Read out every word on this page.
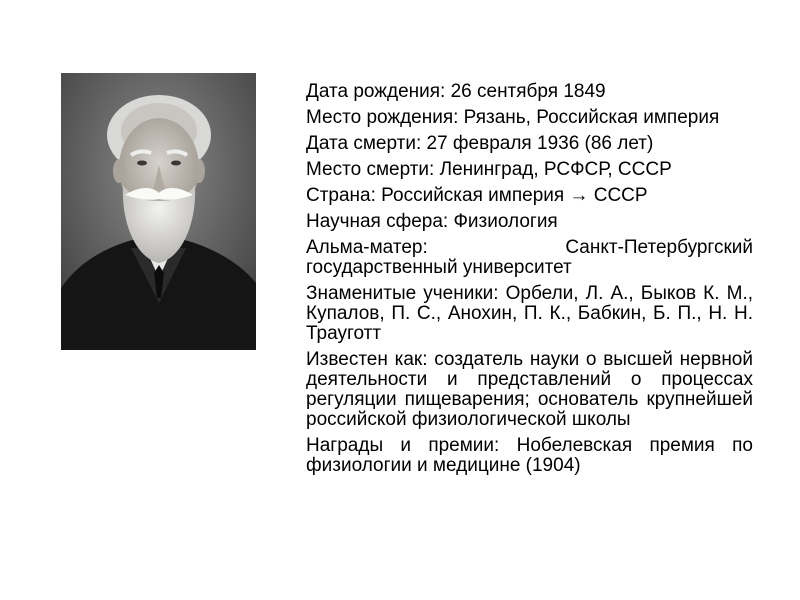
Дата рождения: 26 сентября 1849
Место рождения: Рязань, Российская империя
Дата смерти: 27 февраля 1936 (86 лет)
Место смерти: Ленинград, РСФСР, СССР
Страна: Российская империя → СССР
Научная сфера: Физиология
Альма-матер: Санкт-Петербургский государственный университет
Знаменитые ученики: Орбели, Л. А., Быков К. М., Купалов, П. С., Анохин, П. К., Бабкин, Б. П., Н. Н. Трауготт
Известен как: создатель науки о высшей нервной деятельности и представлений о процессах регуляции пищеварения; основатель крупнейшей российской физиологической школы
Награды и премии: Нобелевская премия по физиологии и медицине (1904)
